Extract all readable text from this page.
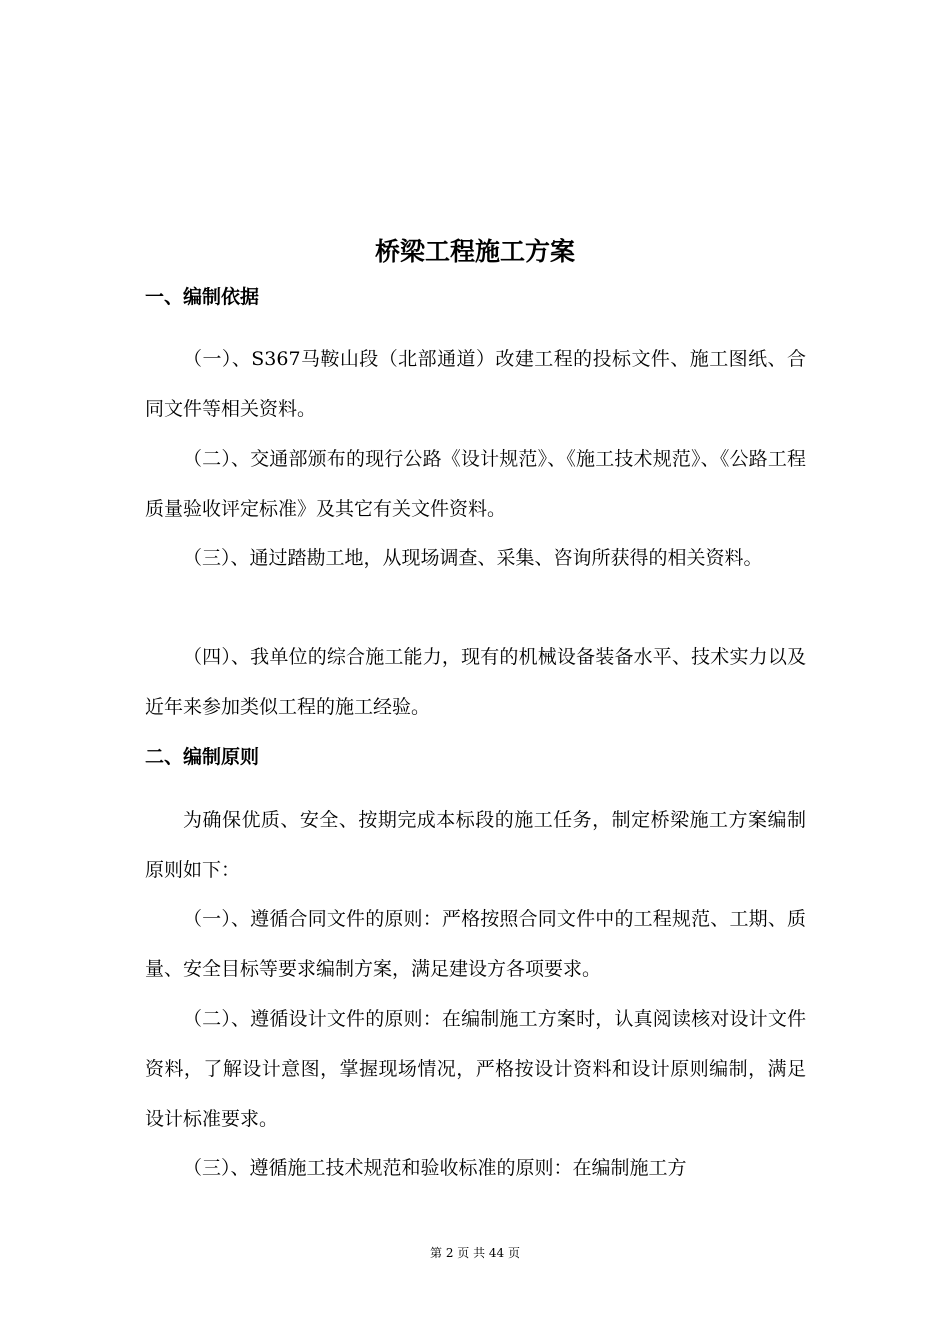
桥梁工程施工方案
一、编制依据

（一）、S367马鞍山段（北部通道）改建工程的投标文件、施工图纸、合同文件等相关资料。

（二）、交通部颁布的现行公路《设计规范》、《施工技术规范》、《公路工程质量验收评定标准》及其它有关文件资料。

（三）、通过踏勘工地，从现场调查、采集、咨询所获得的相关资料。

（四）、我单位的综合施工能力，现有的机械设备装备水平、技术实力以及近年来参加类似工程的施工经验。

二、编制原则

为确保优质、安全、按期完成本标段的施工任务，制定桥梁施工方案编制原则如下：

（一）、遵循合同文件的原则：严格按照合同文件中的工程规范、工期、质量、安全目标等要求编制方案，满足建设方各项要求。

（二）、遵循设计文件的原则：在编制施工方案时，认真阅读核对设计文件资料，了解设计意图，掌握现场情况，严格按设计资料和设计原则编制，满足设计标准要求。

（三）、遵循施工技术规范和验收标准的原则：在编制施工方

第 2 页 共 44 页
